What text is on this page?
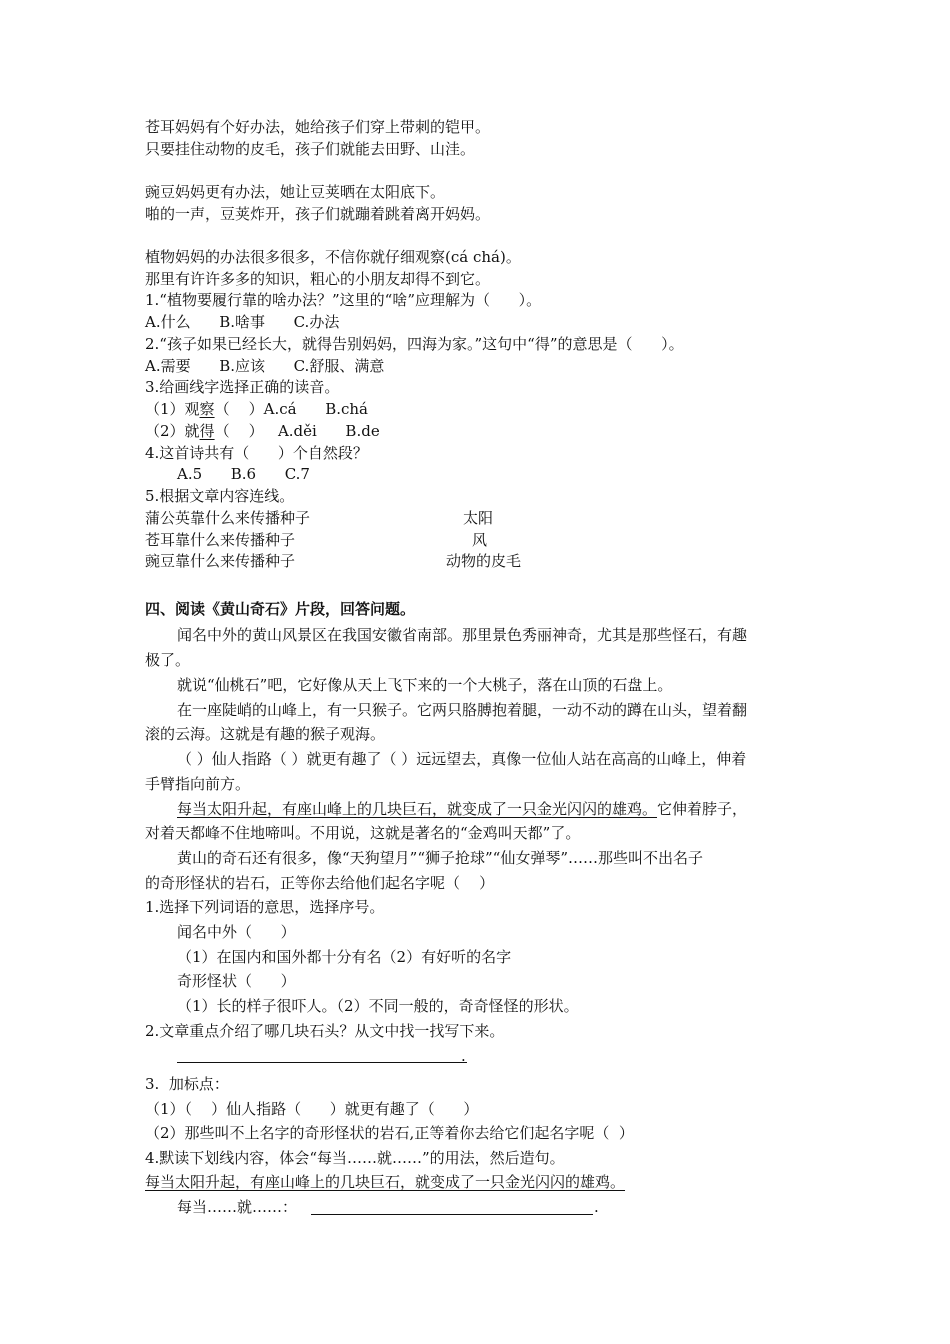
苍耳妈妈有个好办法，她给孩子们穿上带刺的铠甲。
只要挂住动物的皮毛，孩子们就能去田野、山洼。
豌豆妈妈更有办法，她让豆荚晒在太阳底下。
啪的一声，豆荚炸开，孩子们就蹦着跳着离开妈妈。
植物妈妈的办法很多很多，不信你就仔细观察(cá chá)。
那里有许许多多的知识，粗心的小朋友却得不到它。
1.“植物要履行靠的啥办法？”这里的“啥”应理解为（      ）。
A.什么      B.啥事      C.办法
2.“孩子如果已经长大，就得告别妈妈，四海为家。”这句中“得”的意思是（      ）。
A.需要      B.应该      C.舒服、满意
3.给画线字选择正确的读音。
（1）观察（    ）A.cá      B.chá
（2）就得（    ）   A.děi      B.de
4.这首诗共有（      ）个自然段？
A.5      B.6      C.7
5.根据文章内容连线。
蒲公英靠什么来传播种子
苍耳靠什么来传播种子
豌豆靠什么来传播种子
太阳
风
动物的皮毛
四、阅读《黄山奇石》片段，回答问题。
闻名中外的黄山风景区在我国安徽省南部。那里景色秀丽神奇，尤其是那些怪石，有趣
极了。
就说“仙桃石”吧，它好像从天上飞下来的一个大桃子，落在山顶的石盘上。
在一座陡峭的山峰上，有一只猴子。它两只胳膊抱着腿，一动不动的蹲在山头，望着翻
滚的云海。这就是有趣的猴子观海。
（ ）仙人指路（ ）就更有趣了（ ）远远望去，真像一位仙人站在高高的山峰上，伸着
手臂指向前方。
每当太阳升起，有座山峰上的几块巨石，就变成了一只金光闪闪的雄鸡。它伸着脖子，
对着天都峰不住地啼叫。不用说，这就是著名的“金鸡叫天都”了。
黄山的奇石还有很多，像“天狗望月”“狮子抢球”“仙女弹琴”……那些叫不出名子
的奇形怪状的岩石，正等你去给他们起名字呢（    ）
1.选择下列词语的意思，选择序号。
闻名中外（      ）
（1）在国内和国外都十分有名（2）有好听的名字
奇形怪状（      ）
（1）长的样子很吓人。（2）不同一般的，奇奇怪怪的形状。
2.文章重点介绍了哪几块石头？从文中找一找写下来。
.
3.  加标点：
（1）（    ）仙人指路（      ）就更有趣了（      ）
（2）那些叫不上名字的奇形怪状的岩石,正等着你去给它们起名字呢（  ）
4.默读下划线内容，体会“每当……就……”的用法，然后造句。
每当太阳升起，有座山峰上的几块巨石，就变成了一只金光闪闪的雄鸡。
每当……就……：	.
